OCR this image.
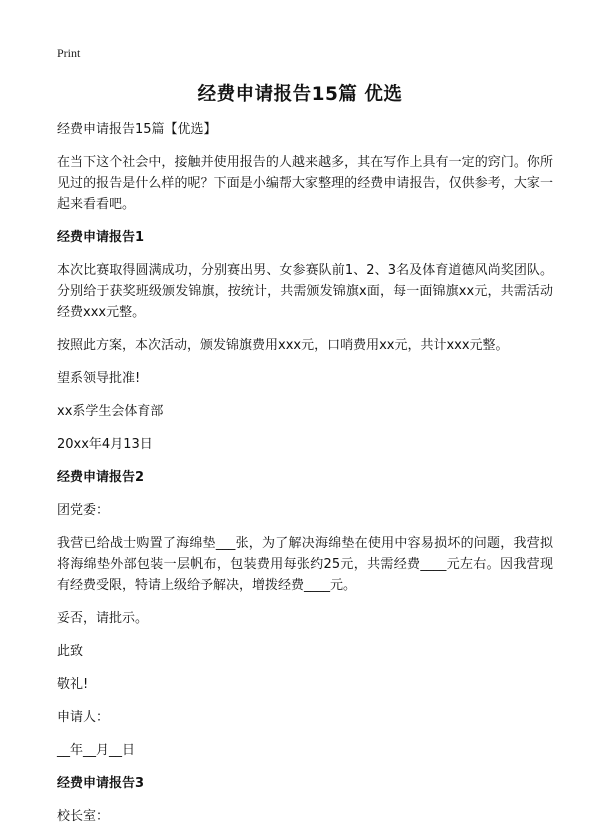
Print
经费申请报告15篇 优选

经费申请报告15篇【优选】

在当下这个社会中，接触并使用报告的人越来越多，其在写作上具有一定的窍门。你所见过的报告是什么样的呢？下面是小编帮大家整理的经费申请报告，仅供参考，大家一起来看看吧。

经费申请报告1

本次比赛取得圆满成功，分别赛出男、女参赛队前1、2、3名及体育道德风尚奖团队。分别给于获奖班级颁发锦旗，按统计，共需颁发锦旗x面，每一面锦旗xx元，共需活动经费xxx元整。

按照此方案，本次活动，颁发锦旗费用xxx元，口哨费用xx元，共计xxx元整。

望系领导批准!

xx系学生会体育部

20xx年4月13日

经费申请报告2

团党委：

我营已给战士购置了海绵垫___张，为了解决海绵垫在使用中容易损坏的问题，我营拟将海绵垫外部包装一层帆布，包装费用每张约25元，共需经费____元左右。因我营现有经费受限，特请上级给予解决，增拨经费____元。

妥否，请批示。

此致

敬礼!

申请人：

__年__月__日

经费申请报告3

校长室：
